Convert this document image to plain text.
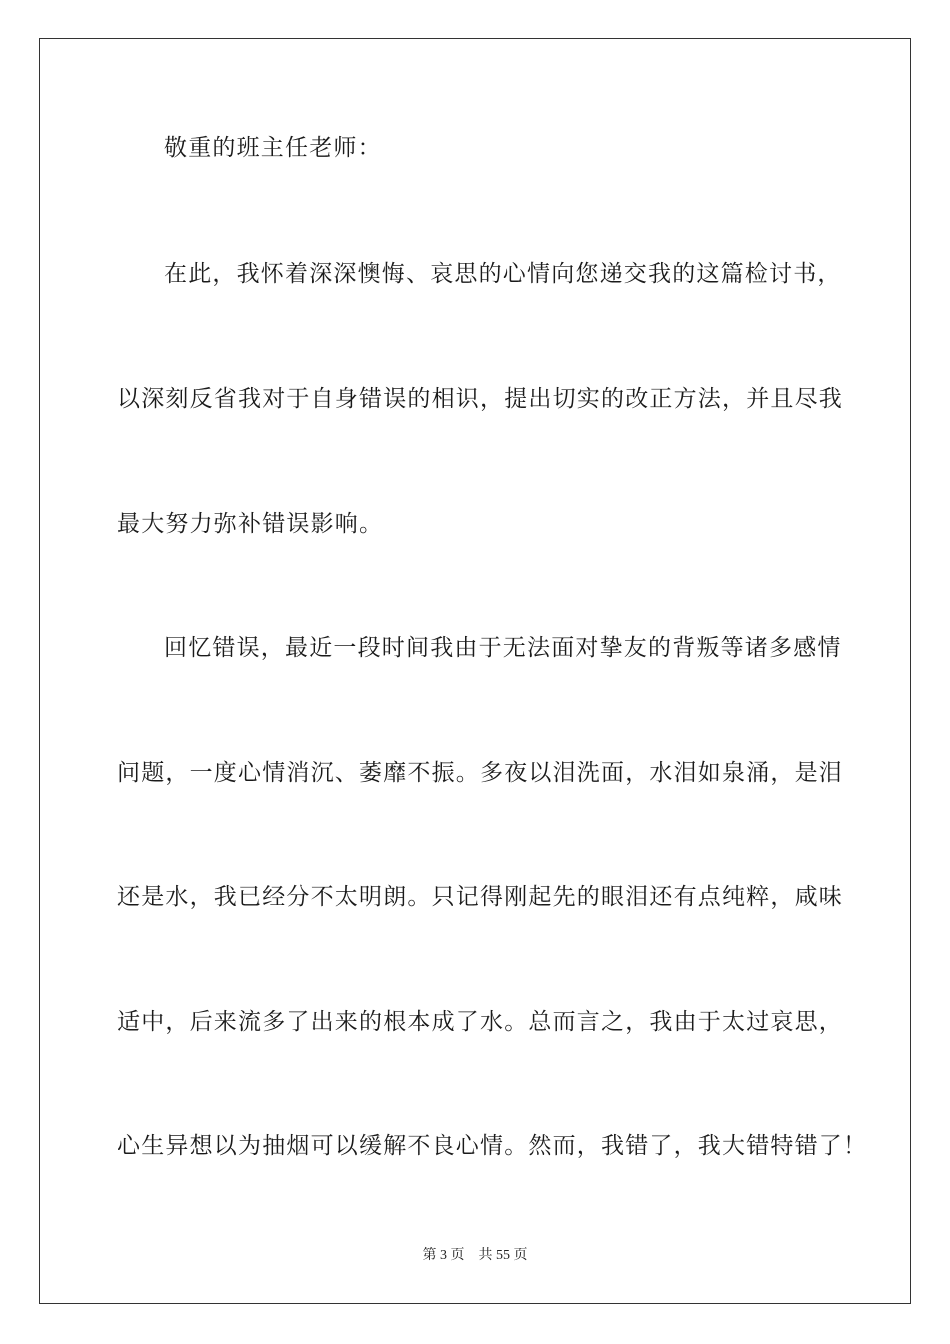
敬重的班主任老师：
在此，我怀着深深懊悔、哀思的心情向您递交我的这篇检讨书，
以深刻反省我对于自身错误的相识，提出切实的改正方法，并且尽我
最大努力弥补错误影响。
回忆错误，最近一段时间我由于无法面对挚友的背叛等诸多感情
问题，一度心情消沉、萎靡不振。多夜以泪洗面，水泪如泉涌，是泪
还是水，我已经分不太明朗。只记得刚起先的眼泪还有点纯粹，咸味
适中，后来流多了出来的根本成了水。总而言之，我由于太过哀思，
心生异想以为抽烟可以缓解不良心情。然而，我错了，我大错特错了！
第 3 页 共 55 页
